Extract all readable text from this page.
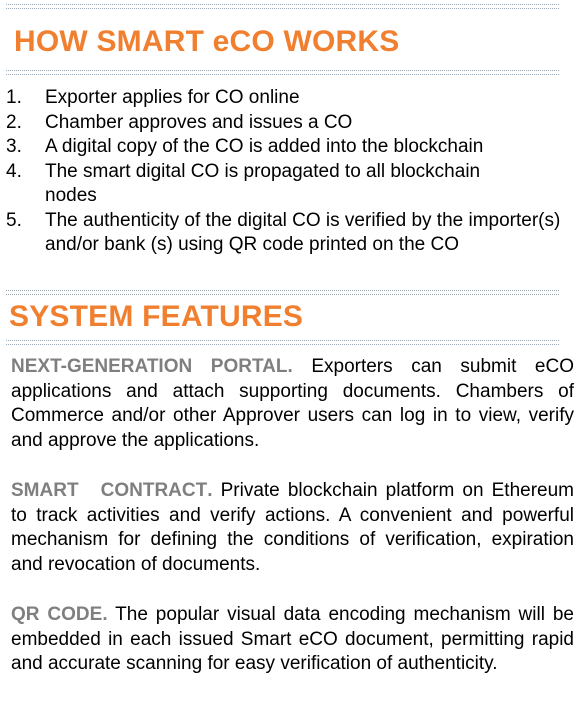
HOW SMART eCO WORKS
1.	Exporter applies for CO online
2.	Chamber approves and issues a CO
3.	A digital copy of the CO is added into the blockchain
4.	The smart digital CO is propagated to all blockchain nodes
5.	The authenticity of the digital CO is verified by the importer(s) and/or bank (s) using QR code printed on the CO
SYSTEM FEATURES

NEXT-GENERATION PORTAL. Exporters can submit eCO applications and attach supporting documents. Chambers of Commerce and/or other Approver users can log in to view, verify and approve the applications.

SMART CONTRACT. Private blockchain platform on Ethereum to track activities and verify actions. A convenient and powerful mechanism for defining the conditions of verification, expiration and revocation of documents.

QR CODE. The popular visual data encoding mechanism will be embedded in each issued Smart eCO document, permitting rapid and accurate scanning for easy verification of authenticity.
